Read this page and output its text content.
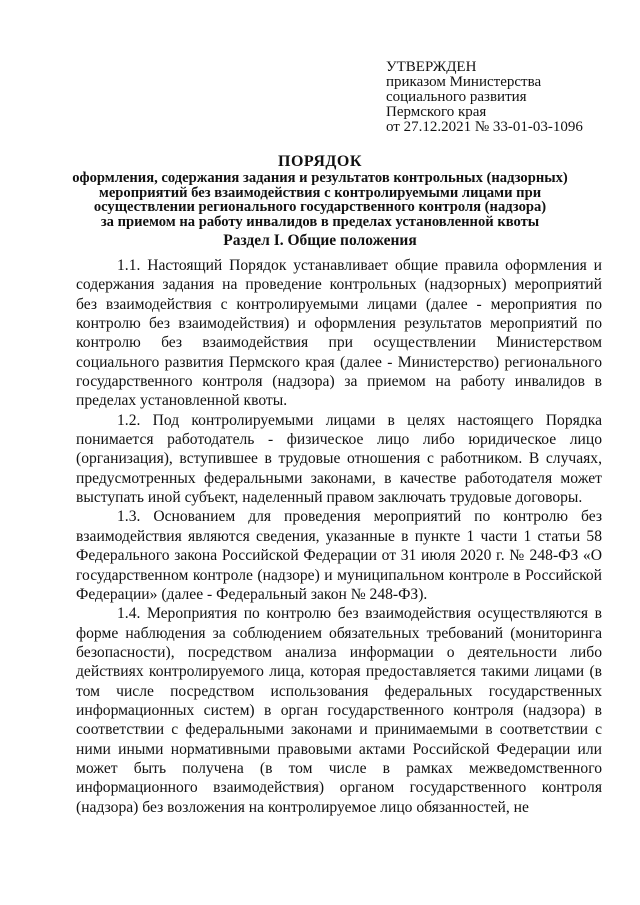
УТВЕРЖДЕН
приказом Министерства
социального развития
Пермского края
от 27.12.2021 № 33-01-03-1096
ПОРЯДОК
оформления, содержания задания и результатов контрольных (надзорных)
мероприятий без взаимодействия с контролируемыми лицами при
осуществлении регионального государственного контроля (надзора)
за приемом на работу инвалидов в пределах установленной квоты
Раздел I. Общие положения

1.1. Настоящий Порядок устанавливает общие правила оформления и содержания задания на проведение контрольных (надзорных) мероприятий без взаимодействия с контролируемыми лицами (далее - мероприятия по контролю без взаимодействия) и оформления результатов мероприятий по контролю без взаимодействия при осуществлении Министерством социального развития Пермского края (далее - Министерство) регионального государственного контроля (надзора) за приемом на работу инвалидов в пределах установленной квоты.

1.2. Под контролируемыми лицами в целях настоящего Порядка понимается работодатель - физическое лицо либо юридическое лицо (организация), вступившее в трудовые отношения с работником. В случаях, предусмотренных федеральными законами, в качестве работодателя может выступать иной субъект, наделенный правом заключать трудовые договоры.

1.3. Основанием для проведения мероприятий по контролю без взаимодействия являются сведения, указанные в пункте 1 части 1 статьи 58 Федерального закона Российской Федерации от 31 июля 2020 г. № 248-ФЗ «О государственном контроле (надзоре) и муниципальном контроле в Российской Федерации» (далее - Федеральный закон № 248-ФЗ).

1.4. Мероприятия по контролю без взаимодействия осуществляются в форме наблюдения за соблюдением обязательных требований (мониторинга безопасности), посредством анализа информации о деятельности либо действиях контролируемого лица, которая предоставляется такими лицами (в том числе посредством использования федеральных государственных информационных систем) в орган государственного контроля (надзора) в соответствии с федеральными законами и принимаемыми в соответствии с ними иными нормативными правовыми актами Российской Федерации или может быть получена (в том числе в рамках межведомственного информационного взаимодействия) органом государственного контроля (надзора) без возложения на контролируемое лицо обязанностей, не
